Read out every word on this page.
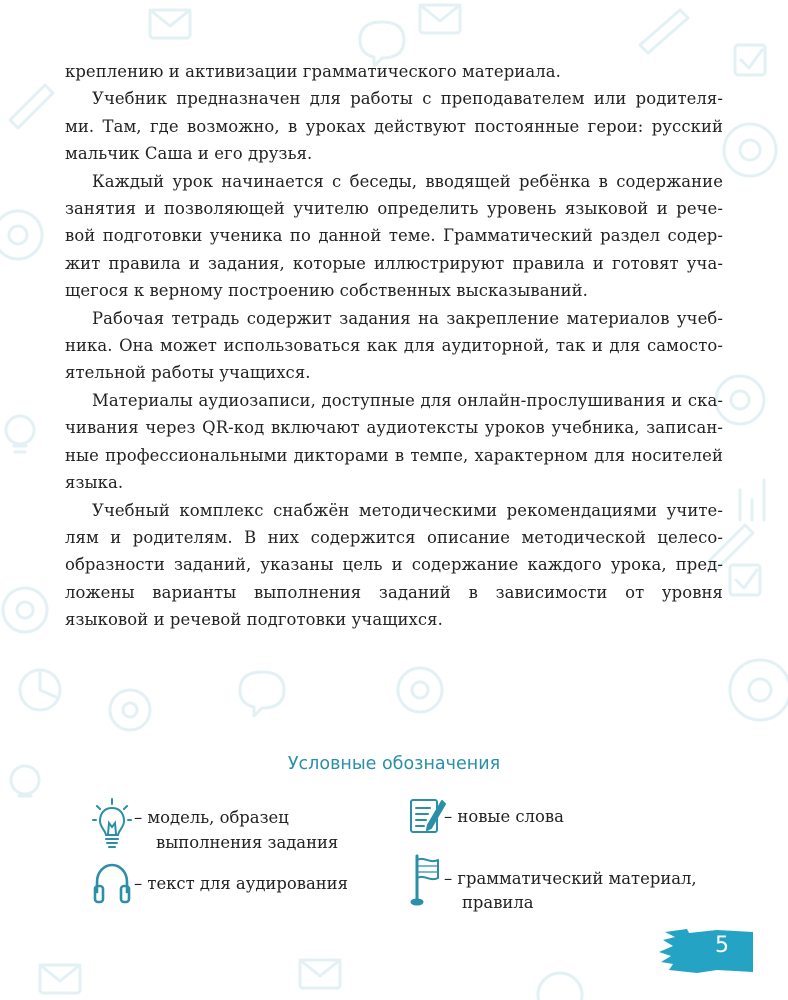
креплению и активизации грамматического материала.

Учебник предназначен для работы с преподавателем или родителя- ми. Там, где возможно, в уроках действуют постоянные герои: русский мальчик Саша и его друзья.

Каждый урок начинается с беседы, вводящей ребёнка в содержание занятия и позволяющей учителю определить уровень языковой и рече- вой подготовки ученика по данной теме. Грамматический раздел содер- жит правила и задания, которые иллюстрируют правила и готовят уча- щегося к верному построению собственных высказываний.

Рабочая тетрадь содержит задания на закрепление материалов учеб- ника. Она может использоваться как для аудиторной, так и для самосто- ятельной работы учащихся.

Материалы аудиозаписи, доступные для онлайн-прослушивания и ска- чивания через QR-код включают аудиотексты уроков учебника, записан- ные профессиональными дикторами в темпе, характерном для носителей языка.

Учебный комплекс снабжён методическими рекомендациями учите- лям и родителям. В них содержится описание методической целесо- образности заданий, указаны цель и содержание каждого урока, пред- ложены варианты выполнения заданий в зависимости от уровня языковой и речевой подготовки учащихся.

Условные обозначения
– модель, образец
выполнения задания
– текст для аудирования
– новые слова
– грамматический материал,
правила
5
